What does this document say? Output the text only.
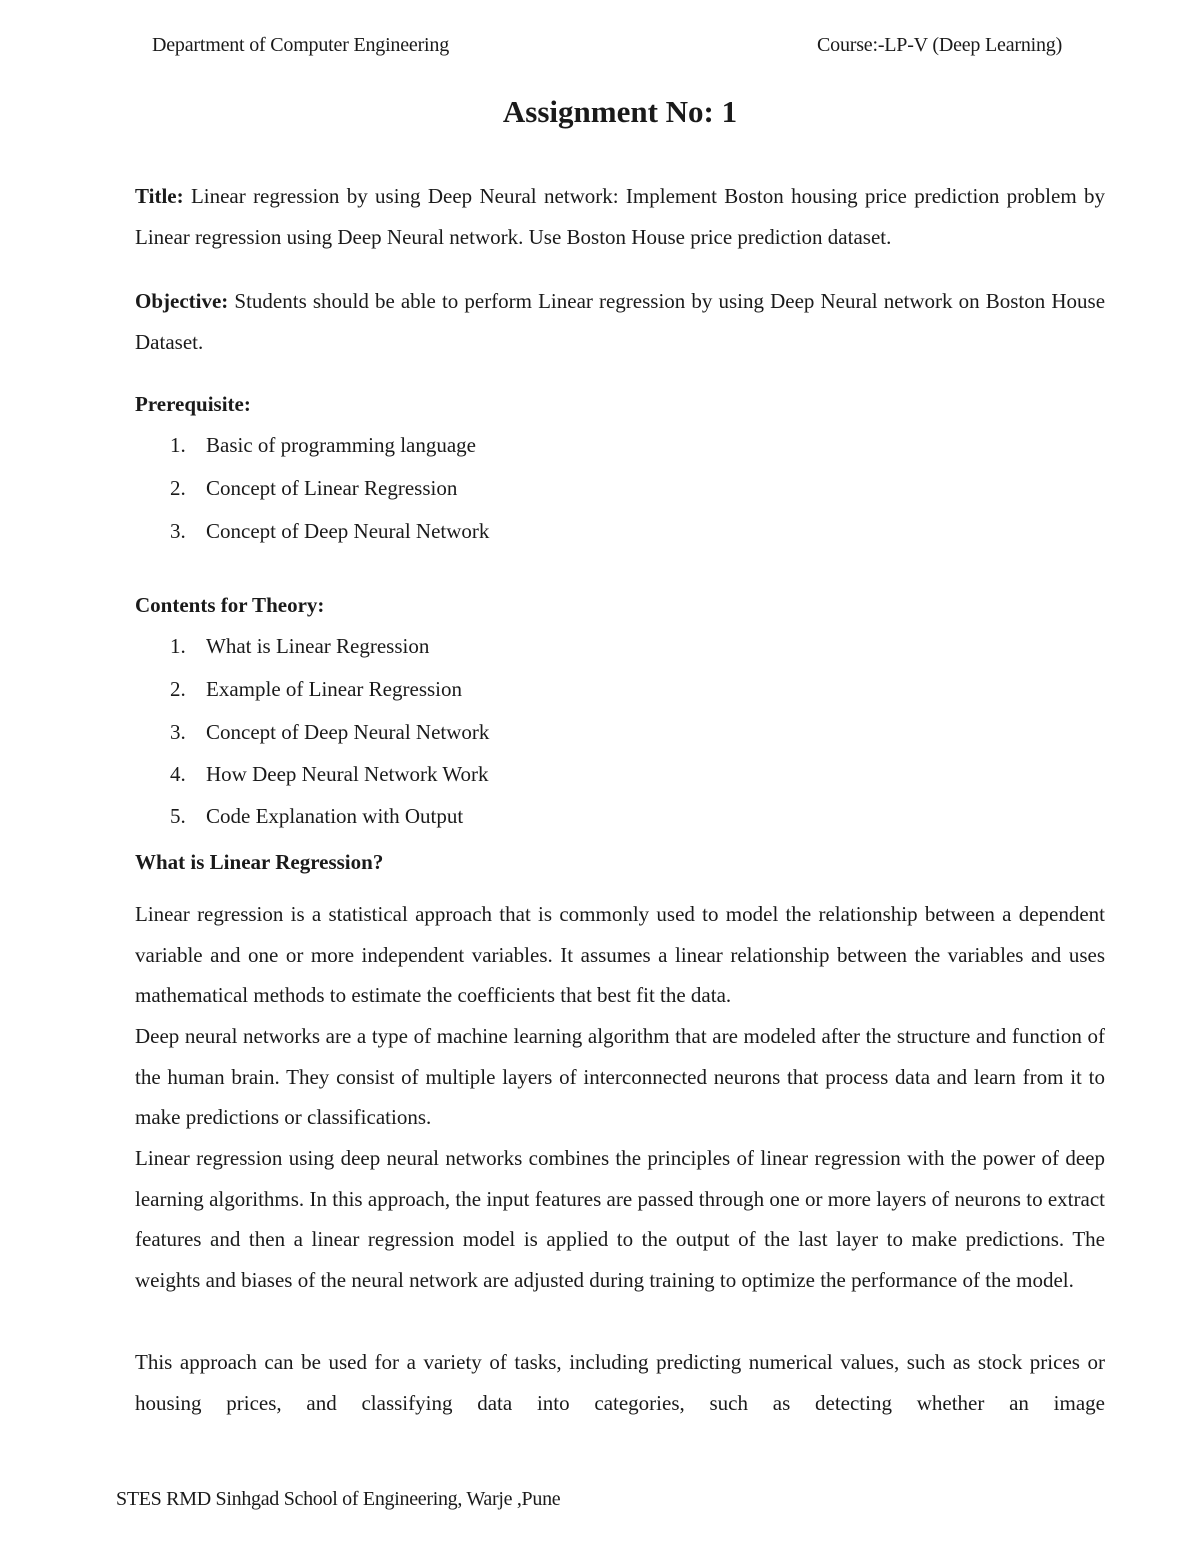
Department of Computer Engineering	Course:-LP-V (Deep Learning)
Assignment No: 1
Title: Linear regression by using Deep Neural network: Implement Boston housing price prediction problem by Linear regression using Deep Neural network. Use Boston House price prediction dataset.
Objective: Students should be able to perform Linear regression by using Deep Neural network on Boston House Dataset.
Prerequisite:
1. Basic of programming language
2. Concept of Linear Regression
3. Concept of Deep Neural Network
Contents for Theory:
1. What is Linear Regression
2. Example of Linear Regression
3. Concept of Deep Neural Network
4. How Deep Neural Network Work
5. Code Explanation with Output
What is Linear Regression?
Linear regression is a statistical approach that is commonly used to model the relationship between a dependent variable and one or more independent variables. It assumes a linear relationship between the variables and uses mathematical methods to estimate the coefficients that best fit the data.
Deep neural networks are a type of machine learning algorithm that are modeled after the structure and function of the human brain. They consist of multiple layers of interconnected neurons that process data and learn from it to make predictions or classifications.
Linear regression using deep neural networks combines the principles of linear regression with the power of deep learning algorithms. In this approach, the input features are passed through one or more layers of neurons to extract features and then a linear regression model is applied to the output of the last layer to make predictions. The weights and biases of the neural network are adjusted during training to optimize the performance of the model.
This approach can be used for a variety of tasks, including predicting numerical values, such as stock prices or housing prices, and classifying data into categories, such as detecting whether an image
STES RMD Sinhgad School of Engineering, Warje ,Pune
